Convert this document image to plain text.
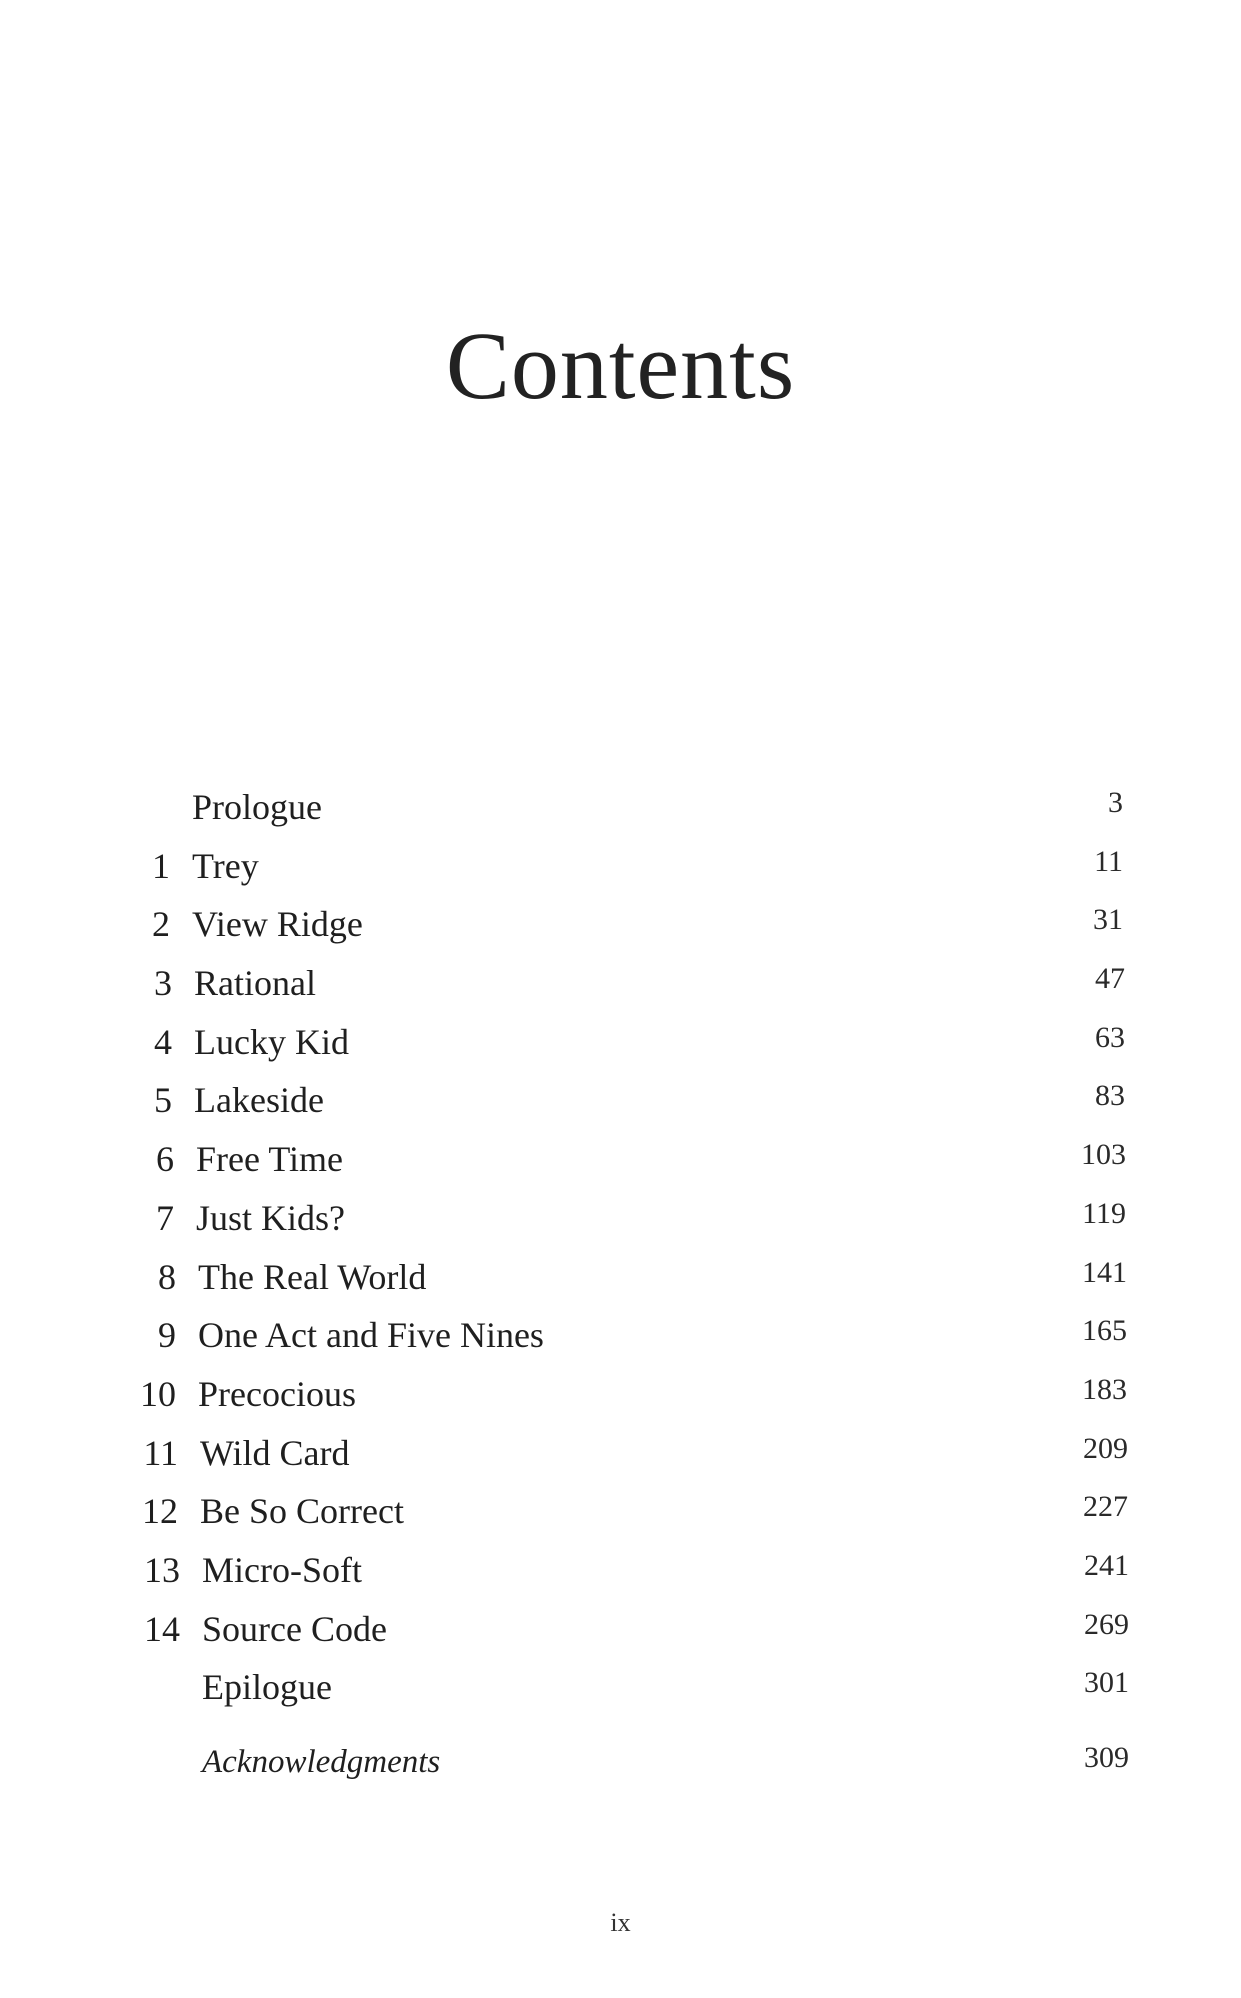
Contents
Prologue	3
1 Trey	11
2 View Ridge	31
3 Rational	47
4 Lucky Kid	63
5 Lakeside	83
6 Free Time	103
7 Just Kids?	119
8 The Real World	141
9 One Act and Five Nines	165
10 Precocious	183
11 Wild Card	209
12 Be So Correct	227
13 Micro-Soft	241
14 Source Code	269
Epilogue	301
Acknowledgments	309
ix
